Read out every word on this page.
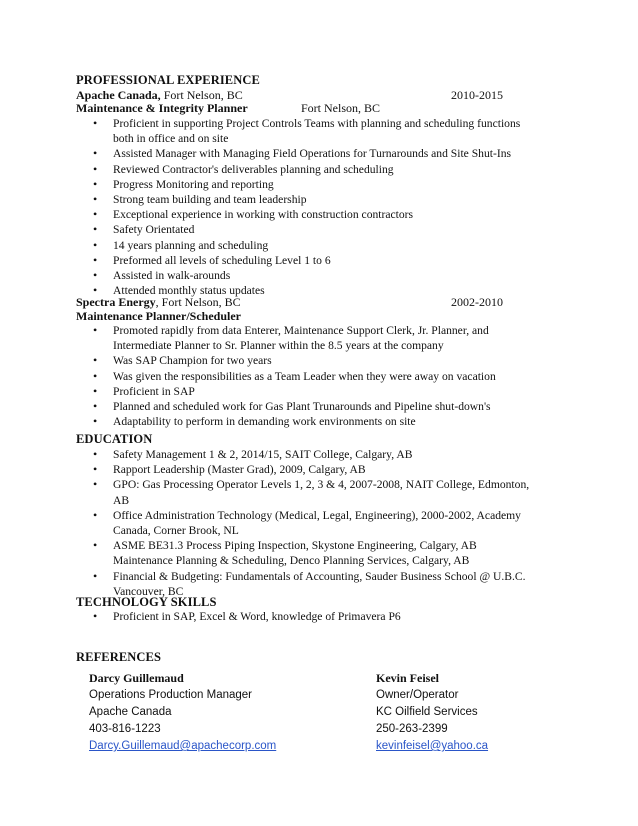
PROFESSIONAL EXPERIENCE
Apache Canada, Fort Nelson, BC	2010-2015
Maintenance & Integrity Planner	Fort Nelson, BC
• Proficient in supporting Project Controls Teams with planning and scheduling functions both in office and on site
• Assisted Manager with Managing Field Operations for Turnarounds and Site Shut-Ins
• Reviewed Contractor's deliverables planning and scheduling
• Progress Monitoring and reporting
• Strong team building and team leadership
• Exceptional experience in working with construction contractors
• Safety Orientated
• 14 years planning and scheduling
• Preformed all levels of scheduling Level 1 to 6
• Assisted in walk-arounds
• Attended monthly status updates
Spectra Energy, Fort Nelson, BC	2002-2010
Maintenance Planner/Scheduler
• Promoted rapidly from data Enterer, Maintenance Support Clerk, Jr. Planner, and Intermediate Planner to Sr. Planner within the 8.5 years at the company
• Was SAP Champion for two years
• Was given the responsibilities as a Team Leader when they were away on vacation
• Proficient in SAP
• Planned and scheduled work for Gas Plant Trunarounds and Pipeline shut-down's
• Adaptability to perform in demanding work environments on site
EDUCATION
• Safety Management 1 & 2, 2014/15, SAIT College, Calgary, AB
• Rapport Leadership (Master Grad), 2009, Calgary, AB
• GPO: Gas Processing Operator Levels 1, 2, 3 & 4, 2007-2008, NAIT College, Edmonton, AB
• Office Administration Technology (Medical, Legal, Engineering), 2000-2002, Academy Canada, Corner Brook, NL
• ASME BE31.3 Process Piping Inspection, Skystone Engineering, Calgary, AB Maintenance Planning & Scheduling, Denco Planning Services, Calgary, AB
• Financial & Budgeting: Fundamentals of Accounting, Sauder Business School @ U.B.C. Vancouver, BC
TECHNOLOGY SKILLS
• Proficient in SAP, Excel & Word, knowledge of Primavera P6
REFERENCES
Darcy Guillemaud
Operations Production Manager
Apache Canada
403-816-1223
Darcy.Guillemaud@apachecorp.com
Kevin Feisel
Owner/Operator
KC Oilfield Services
250-263-2399
kevinfeisel@yahoo.ca
